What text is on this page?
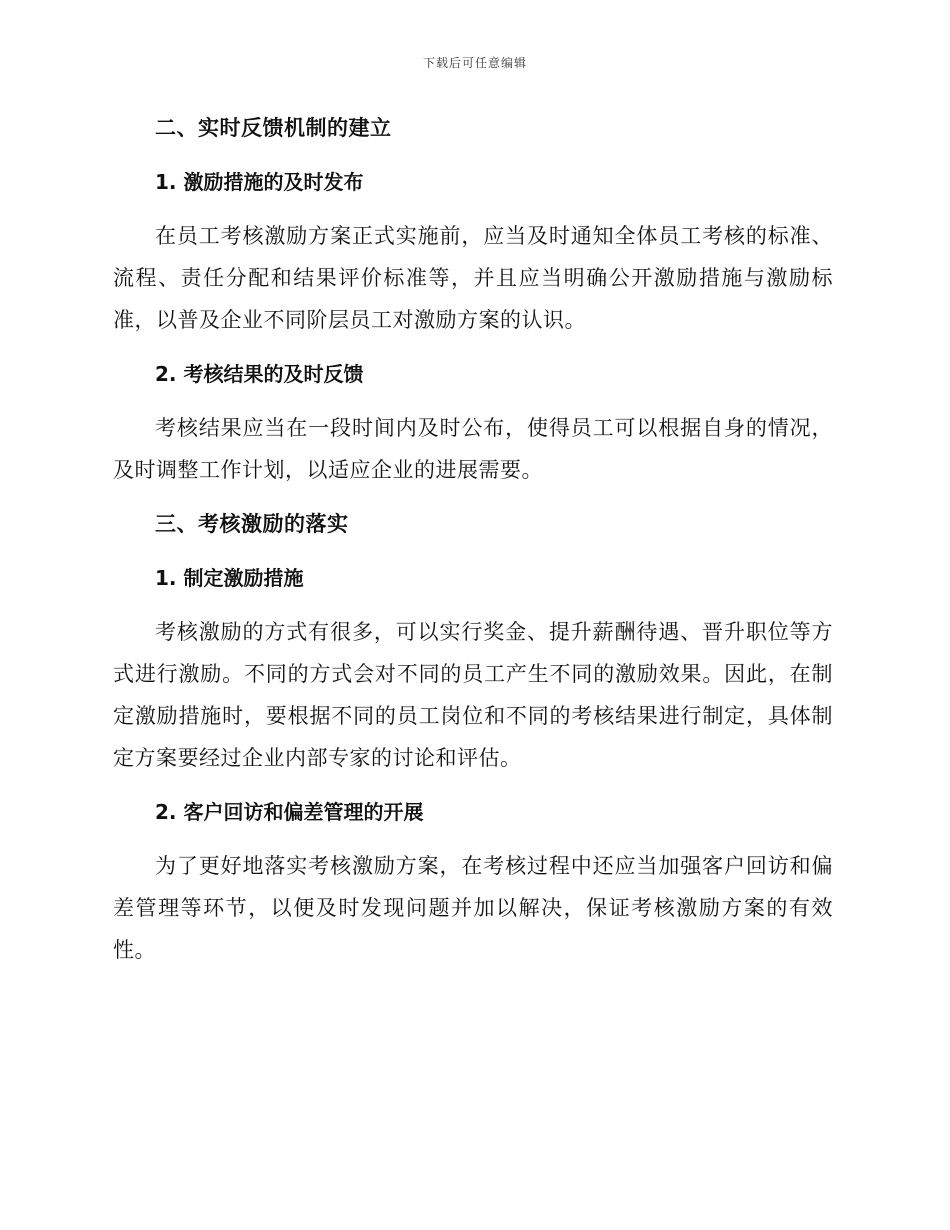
下载后可任意编辑
二、实时反馈机制的建立
1. 激励措施的及时发布

在员工考核激励方案正式实施前，应当及时通知全体员工考核的标准、流程、责任分配和结果评价标准等，并且应当明确公开激励措施与激励标准，以普及企业不同阶层员工对激励方案的认识。

2. 考核结果的及时反馈

考核结果应当在一段时间内及时公布，使得员工可以根据自身的情况，及时调整工作计划，以适应企业的进展需要。

三、考核激励的落实
1. 制定激励措施

考核激励的方式有很多，可以实行奖金、提升薪酬待遇、晋升职位等方式进行激励。不同的方式会对不同的员工产生不同的激励效果。因此，在制定激励措施时，要根据不同的员工岗位和不同的考核结果进行制定，具体制定方案要经过企业内部专家的讨论和评估。

2. 客户回访和偏差管理的开展

为了更好地落实考核激励方案，在考核过程中还应当加强客户回访和偏差管理等环节，以便及时发现问题并加以解决，保证考核激励方案的有效性。
